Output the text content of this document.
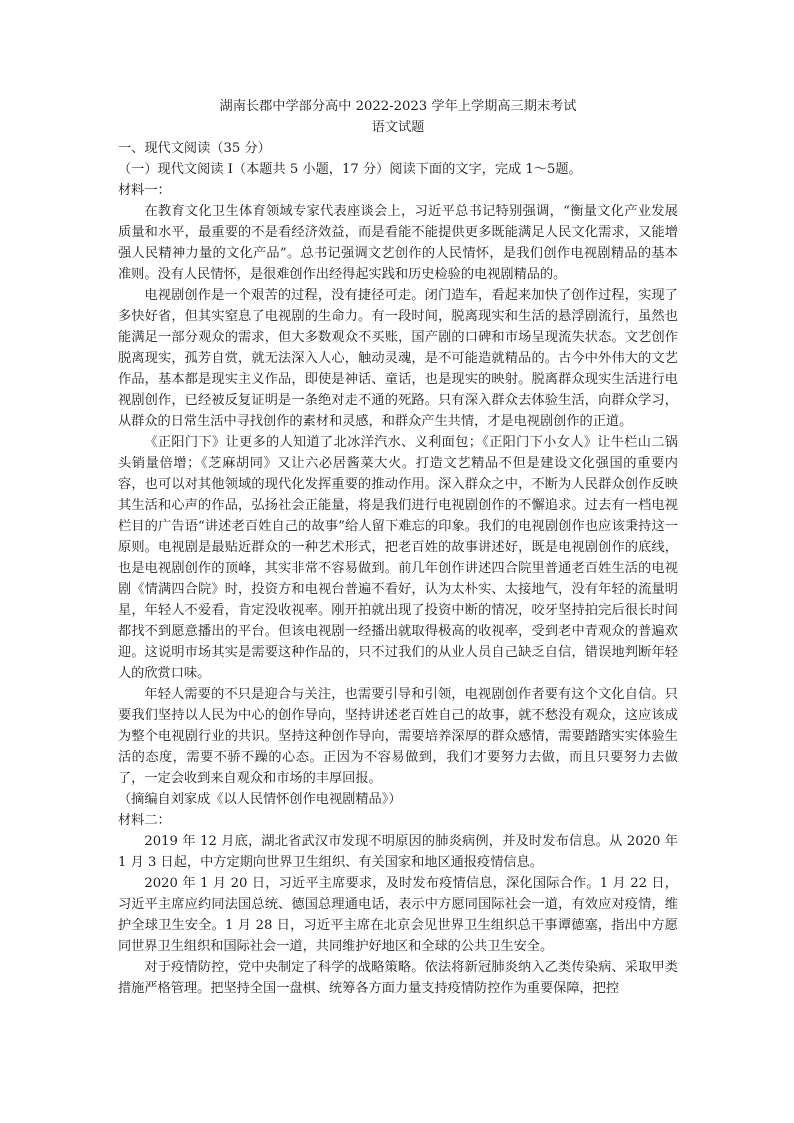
湖南长郡中学部分高中 2022-2023 学年上学期高三期末考试
语文试题
一、现代文阅读（35 分）
（一）现代文阅读 I（本题共 5 小题，17 分）阅读下面的文字，完成 1～5题。
材料一：

在教育文化卫生体育领域专家代表座谈会上，习近平总书记特别强调，“衡量文化产业发展质量和水平，最重要的不是看经济效益，而是看能不能提供更多既能满足人民文化需求，又能增强人民精神力量的文化产品”。总书记强调文艺创作的人民情怀，是我们创作电视剧精品的基本准则。没有人民情怀，是很难创作出经得起实践和历史检验的电视剧精品的。

电视剧创作是一个艰苦的过程，没有捷径可走。闭门造车，看起来加快了创作过程，实现了多快好省，但其实窒息了电视剧的生命力。有一段时间，脱离现实和生活的悬浮剧流行，虽然也能满足一部分观众的需求，但大多数观众不买账，国产剧的口碑和市场呈现流失状态。文艺创作脱离现实，孤芳自赏，就无法深入人心，触动灵魂，是不可能造就精品的。古今中外伟大的文艺作品，基本都是现实主义作品，即使是神话、童话，也是现实的映射。脱离群众现实生活进行电视剧创作，已经被反复证明是一条绝对走不通的死路。只有深入群众去体验生活，向群众学习，从群众的日常生活中寻找创作的素材和灵感，和群众产生共情，才是电视剧创作的正道。

《正阳门下》让更多的人知道了北冰洋汽水、义利面包；《正阳门下小女人》让牛栏山二锅头销量倍增；《芝麻胡同》又让六必居酱菜大火。打造文艺精品不但是建设文化强国的重要内容，也可以对其他领域的现代化发挥重要的推动作用。深入群众之中，不断为人民群众创作反映其生活和心声的作品，弘扬社会正能量，将是我们进行电视剧创作的不懈追求。过去有一档电视栏目的广告语“讲述老百姓自己的故事”给人留下难忘的印象。我们的电视剧创作也应该秉持这一原则。电视剧是最贴近群众的一种艺术形式，把老百姓的故事讲述好，既是电视剧创作的底线，也是电视剧创作的顶峰，其实非常不容易做到。前几年创作讲述四合院里普通老百姓生活的电视剧《情满四合院》时，投资方和电视台普遍不看好，认为太朴实、太接地气，没有年轻的流量明星，年轻人不爱看，肯定没收视率。刚开拍就出现了投资中断的情况，咬牙坚持拍完后很长时间都找不到愿意播出的平台。但该电视剧一经播出就取得极高的收视率，受到老中青观众的普遍欢迎。这说明市场其实是需要这种作品的，只不过我们的从业人员自己缺乏自信，错误地判断年轻人的欣赏口味。

年轻人需要的不只是迎合与关注，也需要引导和引领，电视剧创作者要有这个文化自信。只要我们坚持以人民为中心的创作导向，坚持讲述老百姓自己的故事，就不愁没有观众，这应该成为整个电视剧行业的共识。坚持这种创作导向，需要培养深厚的群众感情，需要踏踏实实体验生活的态度，需要不骄不躁的心态。正因为不容易做到，我们才要努力去做，而且只要努力去做了，一定会收到来自观众和市场的丰厚回报。

（摘编自刘家成《以人民情怀创作电视剧精品》）
材料二：

2019 年 12 月底，湖北省武汉市发现不明原因的肺炎病例，并及时发布信息。从 2020 年 1 月 3 日起，中方定期向世界卫生组织、有关国家和地区通报疫情信息。

2020 年 1 月 20 日，习近平主席要求，及时发布疫情信息，深化国际合作。1 月 22 日，习近平主席应约同法国总统、德国总理通电话，表示中方愿同国际社会一道，有效应对疫情，维护全球卫生安全。1 月 28 日，习近平主席在北京会见世界卫生组织总干事谭德塞，指出中方愿同世界卫生组织和国际社会一道，共同维护好地区和全球的公共卫生安全。

对于疫情防控，党中央制定了科学的战略策略。依法将新冠肺炎纳入乙类传染病、采取甲类措施严格管理。把坚持全国一盘棋、统筹各方面力量支持疫情防控作为重要保障，把控
